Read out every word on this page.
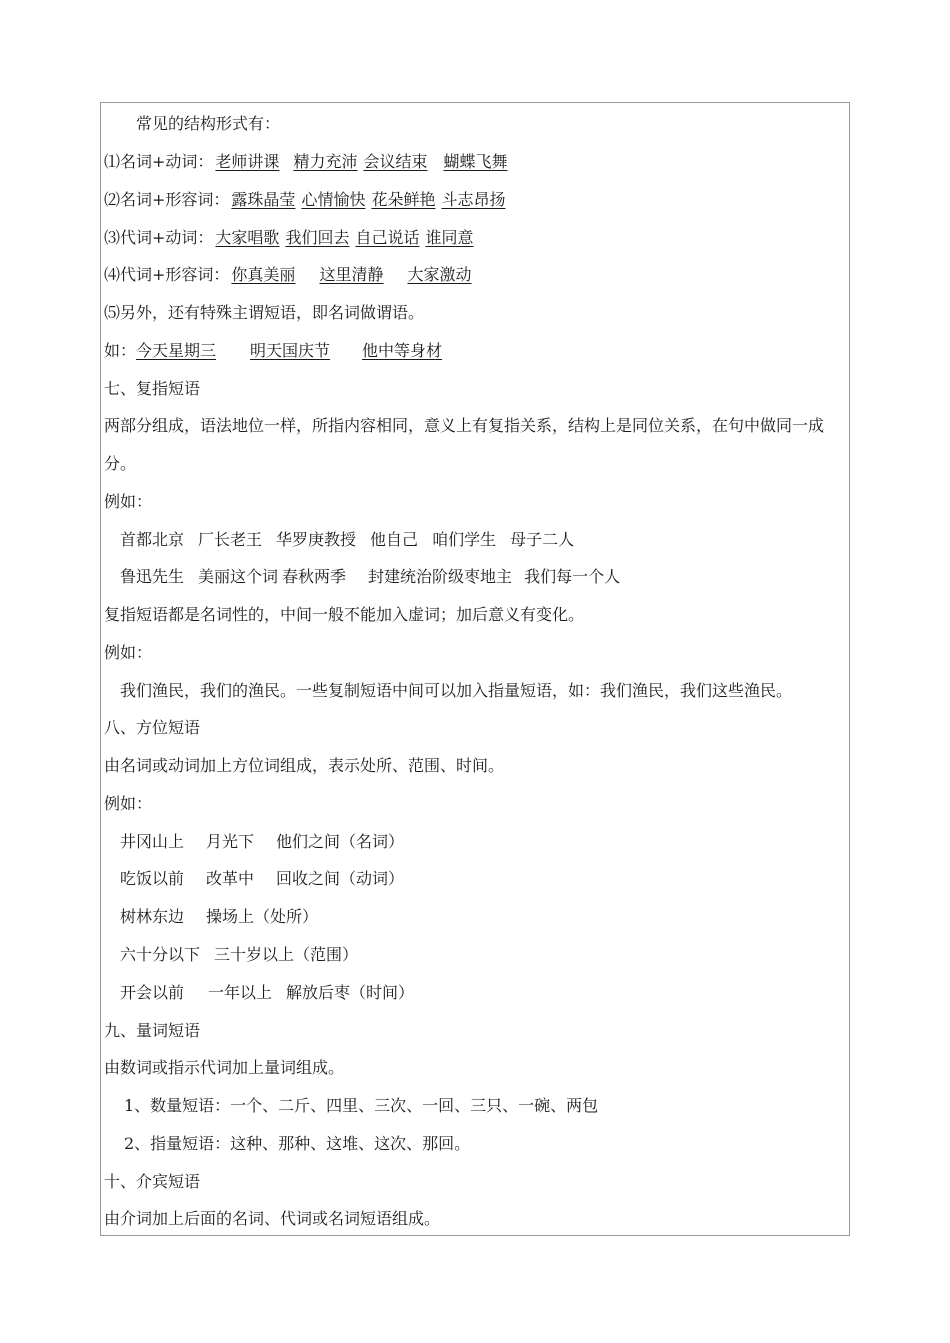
常见的结构形式有：
⑴名词+动词： 老师讲课 精力充沛 会议结束 蝴蝶飞舞
⑵名词+形容词： 露珠晶莹 心情愉快 花朵鲜艳 斗志昂扬
⑶代词+动词： 大家唱歌 我们回去 自己说话 谁同意
⑷代词+形容词： 你真美丽 这里清静 大家激动
⑸另外，还有特殊主谓短语，即名词做谓语。
如：今天星期三 明天国庆节 他中等身材
七、复指短语
两部分组成，语法地位一样，所指内容相同，意义上有复指关系，结构上是同位关系，在句中做同一成
分。
例如：
首都北京 厂长老王 华罗庚教授 他自己 咱们学生 母子二人
鲁迅先生 美丽这个词 春秋两季 封建统治阶级枣地主 我们每一个人
复指短语都是名词性的，中间一般不能加入虚词；加后意义有变化。
例如：
我们渔民，我们的渔民。一些复制短语中间可以加入指量短语，如：我们渔民，我们这些渔民。
八、方位短语
由名词或动词加上方位词组成，表示处所、范围、时间。
例如：
井冈山上 月光下 他们之间（名词）
吃饭以前 改革中 回收之间（动词）
树林东边 操场上（处所）
六十分以下 三十岁以上（范围）
开会以前 一年以上 解放后枣（时间）
九、量词短语
由数词或指示代词加上量词组成。
1、数量短语：一个、二斤、四里、三次、一回、三只、一碗、两包
2、指量短语：这种、那种、这堆、这次、那回。
十、介宾短语
由介词加上后面的名词、代词或名词短语组成。
